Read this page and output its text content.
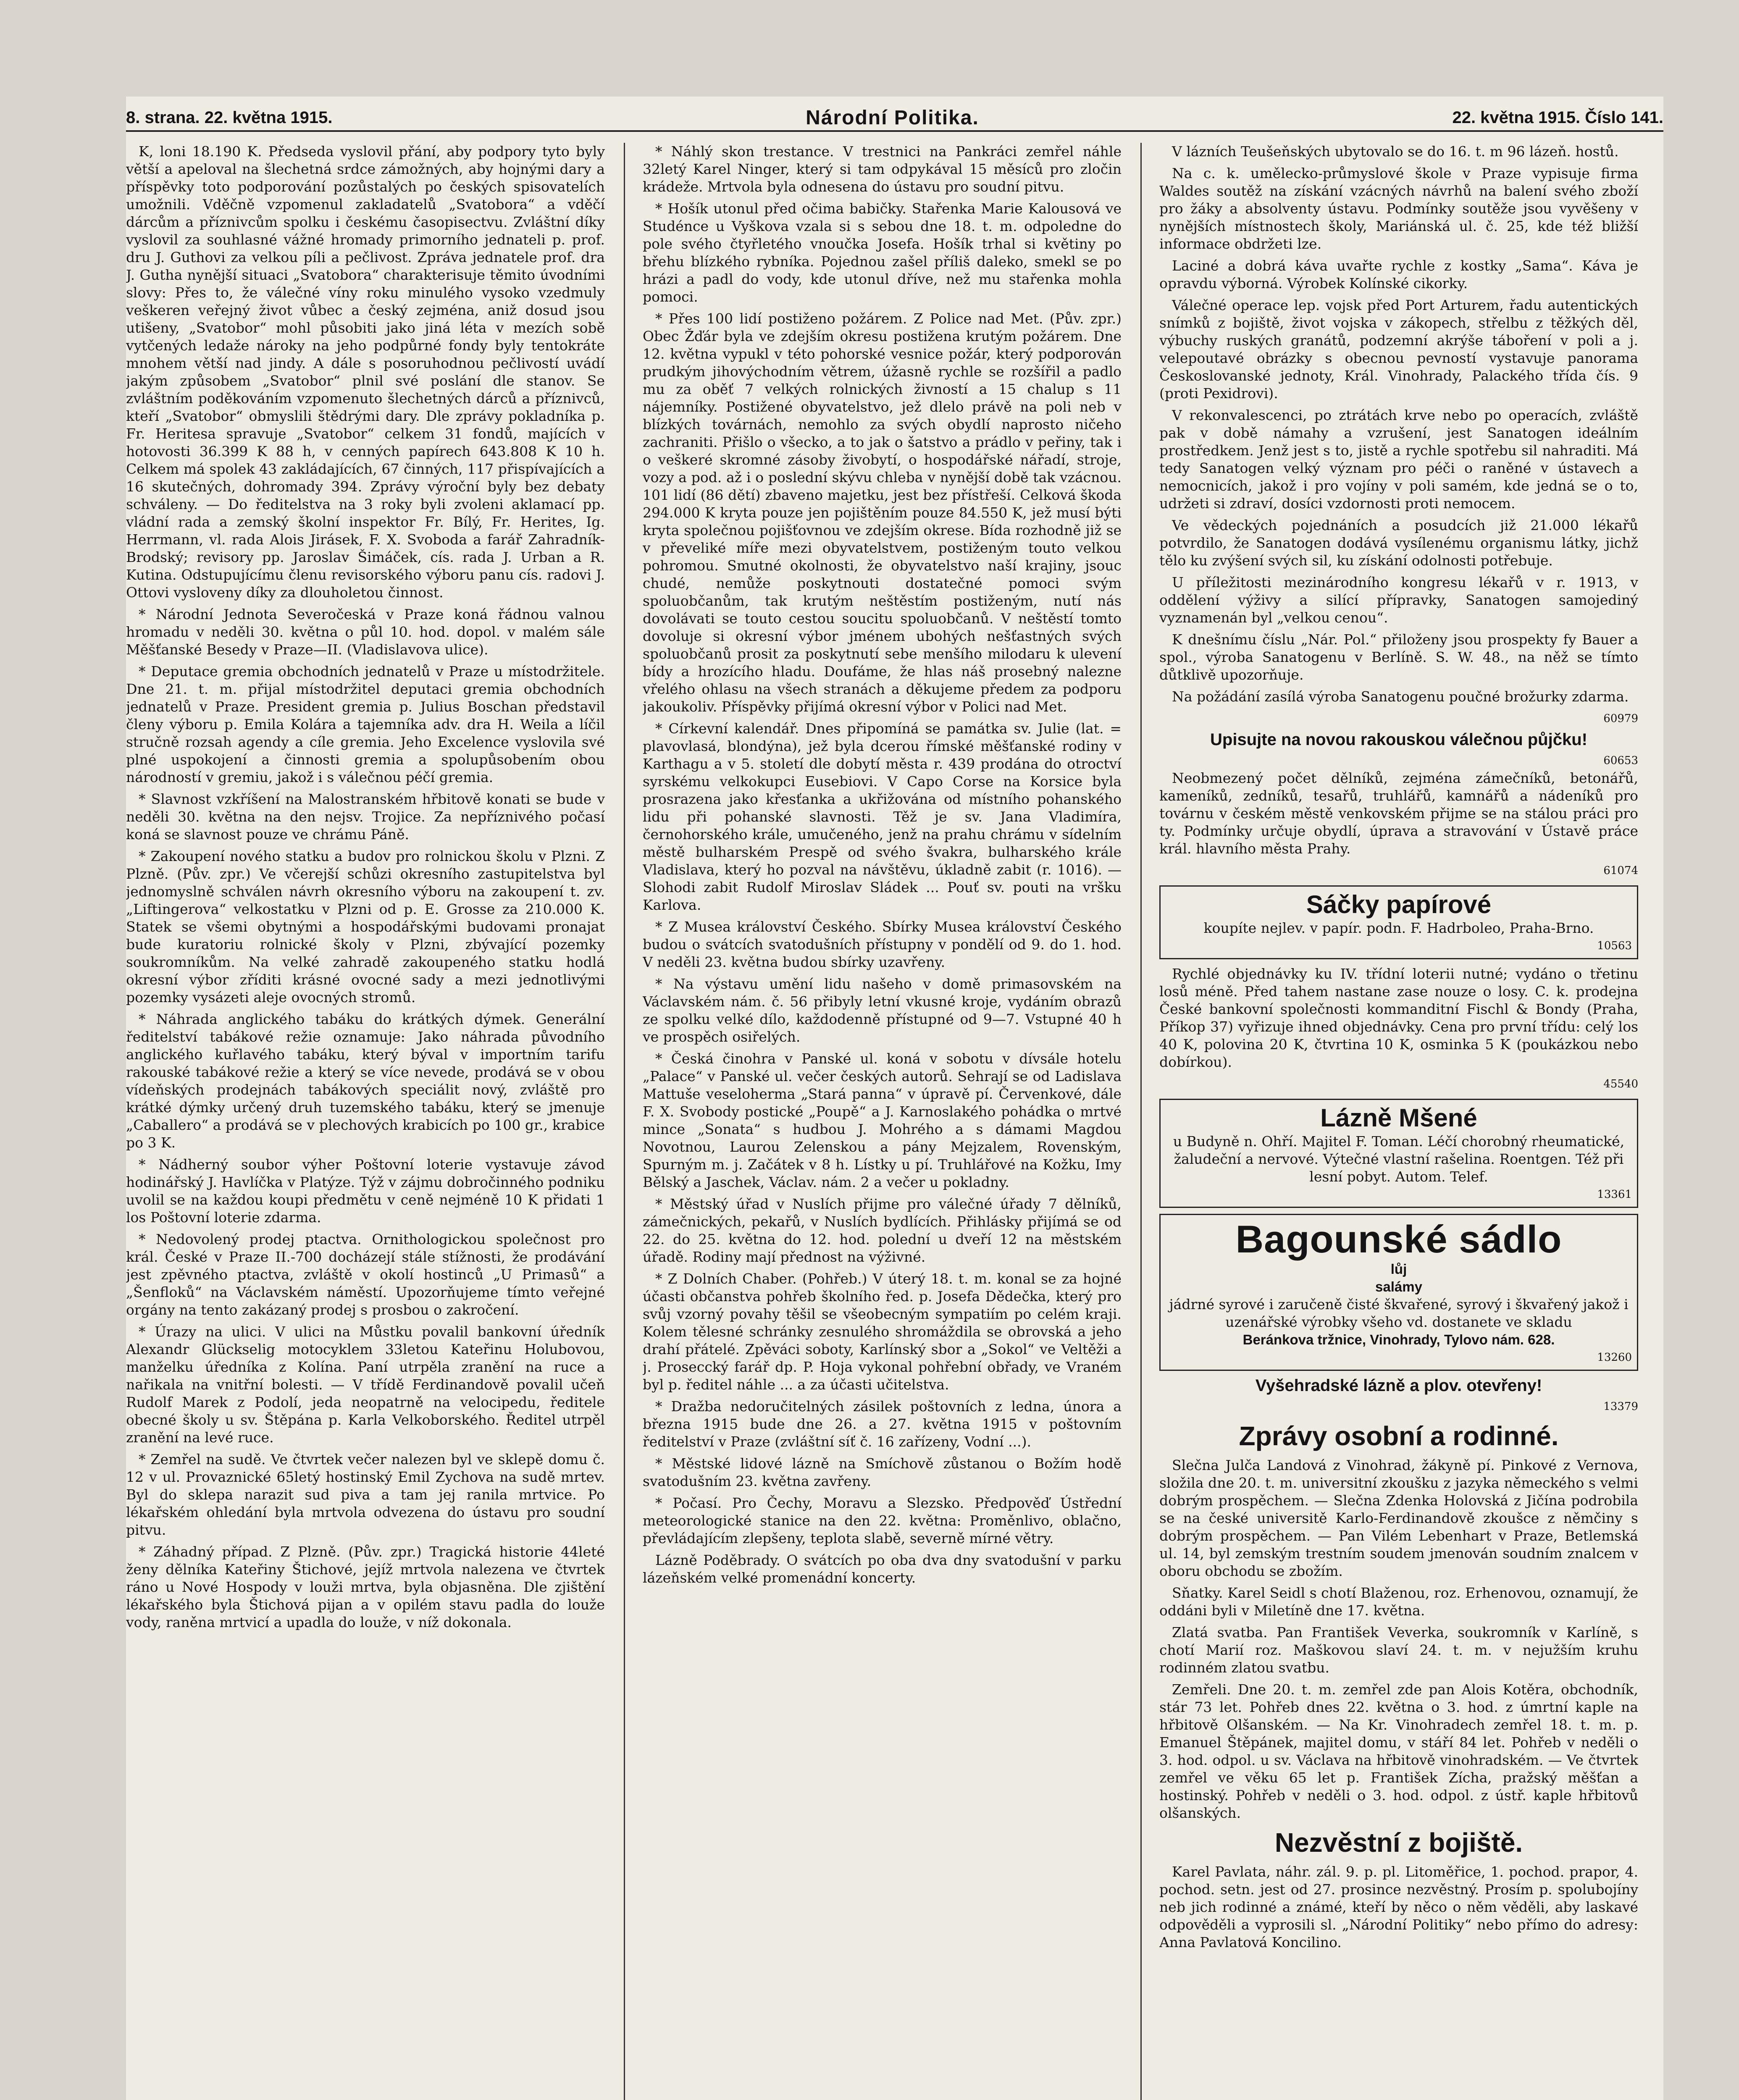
8. strana. 22. května 1915.	Národní Politika.	22. května 1915. Číslo 141.

K, loni 18.190 K. Předseda vyslovil přání, aby podpory tyto byly větší a apeloval na šlechetná srdce zámožných, aby hojnými dary a příspěvky toto podporování pozůstalých po českých spisovatelích umožnili. Vděčně vzpomenul zakladatelů „Svatobora“ a vděčí dárcům a příznivcům spolku i českému časopisectvu. Zvláštní díky vyslovil za souhlasné vážné hromady primorního jednateli p. prof. dru J. Guthovi za velkou píli a pečlivost. Zpráva jednatele prof. dra J. Gutha nynější situaci „Svatobora“ charakterisuje těmito úvodními slovy: Přes to, že válečné víny roku minulého vysoko vzedmuly veškeren veřejný život vůbec a český zejména, aniž dosud jsou utišeny, „Svatobor“ mohl působiti jako jiná léta v mezích sobě vytčených ledaže nároky na jeho podpůrné fondy byly tentokráte mnohem větší nad jindy. A dále s posoruhodnou pečlivostí uvádí jakým způsobem „Svatobor“ plnil své poslání dle stanov. Se zvláštním poděkováním vzpomenuto šlechetných dárců a příznivců, kteří „Svatobor“ obmyslili štědrými dary. Dle zprávy pokladníka p. Fr. Heritesa spravuje „Svatobor“ celkem 31 fondů, majících v hotovosti 36.399 K 88 h, v cenných papírech 643.808 K 10 h. Celkem má spolek 43 zakládajících, 67 činných, 117 přispívajících a 16 skutečných, dohromady 394. Zprávy výroční byly bez debaty schváleny. — Do ředitelstva na 3 roky byli zvoleni aklamací pp. vládní rada a zemský školní inspektor Fr. Bílý, Fr. Herites, Ig. Herrmann, vl. rada Alois Jirásek, F. X. Svoboda a farář Zahradník-Brodský; revisory pp. Jaroslav Šimáček, cís. rada J. Urban a R. Kutina. Odstupujícímu členu revisorského výboru panu cís. radovi J. Ottovi vysloveny díky za dlouholetou činnost.

* Národní Jednota Severočeská v Praze koná řádnou valnou hromadu v neděli 30. května o půl 10. hod. dopol. v malém sále Měšťanské Besedy v Praze—II. (Vladislavova ulice).

* Deputace gremia obchodních jednatelů v Praze u místodržitele. Dne 21. t. m. přijal místodržitel deputaci gremia obchodních jednatelů v Praze. President gremia p. Julius Boschan představil členy výboru p. Emila Kolára a tajemníka adv. dra H. Weila a líčil stručně rozsah agendy a cíle gremia. Jeho Excelence vyslovila své plné uspokojení a činnosti gremia a spolupůsobením obou národností v gremiu, jakož i s válečnou péčí gremia.

* Slavnost vzkříšení na Malostranském hřbitově konati se bude v neděli 30. května na den nejsv. Trojice. Za nepříznivého počasí koná se slavnost pouze ve chrámu Páně.

* Zakoupení nového statku a budov pro rolnickou školu v Plzni. Z Plzně. (Pův. zpr.) Ve včerejší schůzi okresního zastupitelstva byl jednomyslně schválen návrh okresního výboru na zakoupení t. zv. „Liftingerova“ velkostatku v Plzni od p. E. Grosse za 210.000 K. Statek se všemi obytnými a hospodářskými budovami pronajat bude kuratoriu rolnické školy v Plzni, zbývající pozemky soukromníkům. Na velké zahradě zakoupeného statku hodlá okresní výbor zříditi krásné ovocné sady a mezi jednotlivými pozemky vysázeti aleje ovocných stromů.

* Náhrada anglického tabáku do krátkých dýmek. Generální ředitelství tabákové režie oznamuje: Jako náhrada původního anglického kuřlavého tabáku, který býval v importním tarifu rakouské tabákové režie a který se více nevede, prodává se v obou vídeňských prodejnách tabákových speciálit nový, zvláště pro krátké dýmky určený druh tuzemského tabáku, který se jmenuje „Caballero“ a prodává se v plechových krabicích po 100 gr., krabice po 3 K.

* Nádherný soubor výher Poštovní loterie vystavuje závod hodinářský J. Havlíčka v Platýze. Týž v zájmu dobročinného podniku uvolil se na každou koupi předmětu v ceně nejméně 10 K přidati 1 los Poštovní loterie zdarma.

* Nedovolený prodej ptactva. Ornithologickou společnost pro král. České v Praze II.-700 docházejí stále stížnosti, že prodávání jest zpěvného ptactva, zvláště v okolí hostinců „U Primasů“ a „Šenfloků“ na Václavském náměstí. Upozorňujeme tímto veřejné orgány na tento zakázaný prodej s prosbou o zakročení.

* Úrazy na ulici. V ulici na Můstku povalil bankovní úředník Alexandr Glückselig motocyklem 33letou Kateřinu Holubovou, manželku úředníka z Kolína. Paní utrpěla zranění na ruce a nařikala na vnitřní bolesti. — V třídě Ferdinandově povalil učeň Rudolf Marek z Podolí, jeda neopatrně na velocipedu, ředitele obecné školy u sv. Štěpána p. Karla Velkoborského. Ředitel utrpěl zranění na levé ruce.

* Zemřel na sudě. Ve čtvrtek večer nalezen byl ve sklepě domu č. 12 v ul. Provaznické 65letý hostinský Emil Zychova na sudě mrtev. Byl do sklepa narazit sud piva a tam jej ranila mrtvice. Po lékařském ohledání byla mrtvola odvezena do ústavu pro soudní pitvu.

* Záhadný případ. Z Plzně. (Pův. zpr.) Tragická historie 44leté ženy dělníka Kateřiny Štichové, jejíž mrtvola nalezena ve čtvrtek ráno u Nové Hospody v louži mrtva, byla objasněna. Dle zjištění lékařského byla Štichová pijan a v opilém stavu padla do louže vody, raněna mrtvicí a upadla do louže, v níž dokonala.

* Náhlý skon trestance. V trestnici na Pankráci zemřel náhle 32letý Karel Ninger, který si tam odpykával 15 měsíců pro zločin krádeže. Mrtvola byla odnesena do ústavu pro soudní pitvu.

* Hošík utonul před očima babičky. Stařenka Marie Kalousová ve Studénce u Vyškova vzala si s sebou dne 18. t. m. odpoledne do pole svého čtyřletého vnoučka Josefa. Hošík trhal si květiny po břehu blízkého rybníka. Pojednou zašel příliš daleko, smekl se po hrázi a padl do vody, kde utonul dříve, než mu stařenka mohla pomoci.

* Přes 100 lidí postiženo požárem. Z Police nad Met. (Pův. zpr.) Obec Žďár byla ve zdejším okresu postižena krutým požárem. Dne 12. května vypukl v této pohorské vesnice požár, který podporován prudkým jihovýchodním větrem, úžasně rychle se rozšířil a padlo mu za oběť 7 velkých rolnických živností a 15 chalup s 11 nájemníky. Postižené obyvatelstvo, jež dlelo právě na poli neb v blízkých továrnách, nemohlo za svých obydlí naprosto ničeho zachraniti. Přišlo o všecko, a to jak o šatstvo a prádlo v peřiny, tak i o veškeré skromné zásoby živobytí, o hospodářské nářadí, stroje, vozy a pod. až i o poslední skývu chleba v nynější době tak vzácnou. 101 lidí (86 dětí) zbaveno majetku, jest bez přístřeší. Celková škoda 294.000 K kryta pouze jen pojištěním pouze 84.550 K, jež musí býti kryta společnou pojišťovnou ve zdejším okrese. Bída rozhodně již se v převeliké míře mezi obyvatelstvem, postiženým touto velkou pohromou. Smutné okolnosti, že obyvatelstvo naší krajiny, jsouc chudé, nemůže poskytnouti dostatečné pomoci svým spoluobčanům, tak krutým neštěstím postiženým, nutí nás dovolávati se touto cestou soucitu spoluobčanů. V neštěstí tomto dovoluje si okresní výbor jménem ubohých nešťastných svých spoluobčanů prosit za poskytnutí sebe menšího milodaru k ulevení bídy a hrozícího hladu. Doufáme, že hlas náš prosebný nalezne vřelého ohlasu na všech stranách a děkujeme předem za podporu jakoukoliv. Příspěvky přijímá okresní výbor v Polici nad Met.

* Církevní kalendář. Dnes připomíná se památka sv. Julie (lat. = plavovlasá, blondýna), jež byla dcerou římské měšťanské rodiny v Karthagu a v 5. století dle dobytí města r. 439 prodána do otroctví syrskému velkokupci Eusebiovi. V Capo Corse na Korsice byla prosrazena jako křesťanka a ukřižována od místního pohanského lidu při pohanské slavnosti. Těž je sv. Jana Vladimíra, černohorského krále, umučeného, jenž na prahu chrámu v sídelním městě bulharském Prespě od svého švakra, bulharského krále Vladislava, který ho pozval na návštěvu, úkladně zabit (r. 1016). — Slohodi zabit Rudolf Miroslav Sládek ... Pouť sv. pouti na vršku Karlova.

* Z Musea království Českého. Sbírky Musea království Českého budou o svátcích svatodušních přístupny v pondělí od 9. do 1. hod. V neděli 23. května budou sbírky uzavřeny.

* Na výstavu umění lidu našeho v domě primasovském na Václavském nám. č. 56 přibyly letní vkusné kroje, vydáním obrazů ze spolku velké dílo, každodenně přístupné od 9—7. Vstupné 40 h ve prospěch osiřelých.

* Česká činohra v Panské ul. koná v sobotu v dívsále hotelu „Palace“ v Panské ul. večer českých autorů. Sehrají se od Ladislava Mattuše veseloherma „Stará panna“ v úpravě pí. Červenkové, dále F. X. Svobody postické „Poupě“ a J. Karnoslakého pohádka o mrtvé mince „Sonata“ s hudbou J. Mohrého a s dámami Magdou Novotnou, Laurou Zelenskou a pány Mejzalem, Rovenským, Spurným m. j. Začátek v 8 h. Lístky u pí. Truhlářové na Kožku, Imy Bělský a Jaschek, Václav. nám. 2 a večer u pokladny.

* Městský úřad v Nuslích přijme pro válečné úřady 7 dělníků, zámečnických, pekařů, v Nuslích bydlících. Přihlásky přijímá se od 22. do 25. května do 12. hod. polední u dveří 12 na městském úřadě. Rodiny mají přednost na výživné.

* Z Dolních Chaber. (Pohřeb.) V úterý 18. t. m. konal se za hojné účasti občanstva pohřeb školního řed. p. Josefa Dědečka, který pro svůj vzorný povahy těšil se všeobecným sympatiím po celém kraji. Kolem tělesné schránky zesnulého shromáždila se obrovská a jeho drahí přátelé. Zpěváci soboty, Karlínský sbor a „Sokol“ ve Veltěži a j. Proseccký farář dp. P. Hoja vykonal pohřební obřady, ve Vraném byl p. ředitel náhle ... a za účasti učitelstva.

* Dražba nedoručitelných zásilek poštovních z ledna, února a března 1915 bude dne 26. a 27. května 1915 v poštovním ředitelství v Praze (zvláštní síť č. 16 zařízeny, Vodní ...).

* Městské lidové lázně na Smíchově zůstanou o Božím hodě svatodušním 23. května zavřeny.

* Počasí. Pro Čechy, Moravu a Slezsko. Předpověď Ústřední meteorologické stanice na den 22. května: Proměnlivo, oblačno, převládajícím zlepšeny, teplota slabě, severně mírné větry.

Lázně Poděbrady. O svátcích po oba dva dny svatodušní v parku lázeňském velké promenádní koncerty.

V lázních Teušeňských ubytovalo se do 16. t. m 96 lázeň. hostů.

Na c. k. umělecko-průmyslové škole v Praze vypisuje firma Waldes soutěž na získání vzácných návrhů na balení svého zboží pro žáky a absolventy ústavu. Podmínky soutěže jsou vyvěšeny v nynějších místnostech školy, Mariánská ul. č. 25, kde též bližší informace obdržeti lze.

Laciné a dobrá káva uvařte rychle z kostky „Sama“. Káva je opravdu výborná. Výrobek Kolínské cikorky.

Válečné operace lep. vojsk před Port Arturem, řadu autentických snímků z bojiště, život vojska v zákopech, střelbu z těžkých děl, výbuchy ruských granátů, podzemní akrýše táboření v poli a j. velepoutavé obrázky s obecnou pevností vystavuje panorama Českoslovanské jednoty, Král. Vinohrady, Palackého třída čís. 9 (proti Pexidrovi).

V rekonvalescenci, po ztrátách krve nebo po operacích, zvláště pak v době námahy a vzrušení, jest Sanatogen ideálním prostředkem. Jenž jest s to, jistě a rychle spotřebu sil nahraditi. Má tedy Sanatogen velký význam pro péči o raněné v ústavech a nemocnicích, jakož i pro vojíny v poli samém, kde jedná se o to, udržeti si zdraví, dosíci vzdornosti proti nemocem.

Ve vědeckých pojednáních a posudcích již 21.000 lékařů potvrdilo, že Sanatogen dodává vysílenému organismu látky, jichž tělo ku zvýšení svých sil, ku získání odolnosti potřebuje.

U příležitosti mezinárodního kongresu lékařů v r. 1913, v oddělení výživy a silící přípravky, Sanatogen samojediný vyznamenán byl „velkou cenou“.

K dnešnímu číslu „Nár. Pol.“ přiloženy jsou prospekty fy Bauer a spol., výroba Sanatogenu v Berlíně. S. W. 48., na něž se tímto důtklivě upozorňuje.

Na požádání zasílá výroba Sanatogenu poučné brožurky zdarma.

60979
Upisujte na novou rakouskou válečnou půjčku!
60653

Neobmezený počet dělníků, zejména zámečníků, betonářů, kameníků, zedníků, tesařů, truhlářů, kamnářů a nádeníků pro továrnu v českém městě venkovském přijme se na stálou práci pro ty. Podmínky určuje obydlí, úprava a stravování v Ústavě práce král. hlavního města Prahy.

61074
Sáčky papírové
koupíte nejlev. v papír. podn. F. Hadrboleo, Praha-Brno.
10563

Rychlé objednávky ku IV. třídní loterii nutné; vydáno o třetinu losů méně. Před tahem nastane zase nouze o losy. C. k. prodejna České bankovní společnosti kommanditní Fischl & Bondy (Praha, Příkop 37) vyřizuje ihned objednávky. Cena pro první třídu: celý los 40 K, polovina 20 K, čtvrtina 10 K, osminka 5 K (poukázkou nebo dobírkou).

45540
Lázně Mšené
u Budyně n. Ohří. Majitel F. Toman. Léčí chorobný rheumatické, žaludeční a nervové. Výtečné vlastní rašelina. Roentgen. Též při lesní pobyt. Autom. Telef.
13361
Bagounské sádlo
lůj
salámy
jádrné syrové i zaručeně čisté škvařené, syrový i škvařený jakož i uzenářské výrobky všeho vd. dostanete ve skladu
Beránkova tržnice, Vinohrady, Tylovo nám. 628.
13260
Vyšehradské lázně a plov. otevřeny!
13379
Zprávy osobní a rodinné.

Slečna Julča Landová z Vinohrad, žákyně pí. Pinkové z Vernova, složila dne 20. t. m. universitní zkoušku z jazyka německého s velmi dobrým prospěchem. — Slečna Zdenka Holovská z Jičína podrobila se na české universitě Karlo-Ferdinandově zkoušce z němčiny s dobrým prospěchem. — Pan Vilém Lebenhart v Praze, Betlemská ul. 14, byl zemským trestním soudem jmenován soudním znalcem v oboru obchodu se zbožím.

Sňatky. Karel Seidl s chotí Blaženou, roz. Erhenovou, oznamují, že oddáni byli v Miletíně dne 17. května.

Zlatá svatba. Pan František Veverka, soukromník v Karlíně, s chotí Marií roz. Maškovou slaví 24. t. m. v nejužším kruhu rodinném zlatou svatbu.

Zemřeli. Dne 20. t. m. zemřel zde pan Alois Kotěra, obchodník, stár 73 let. Pohřeb dnes 22. května o 3. hod. z úmrtní kaple na hřbitově Olšanském. — Na Kr. Vinohradech zemřel 18. t. m. p. Emanuel Štěpánek, majitel domu, v stáří 84 let. Pohřeb v neděli o 3. hod. odpol. u sv. Václava na hřbitově vinohradském. — Ve čtvrtek zemřel ve věku 65 let p. František Zícha, pražský měšťan a hostinský. Pohřeb v neděli o 3. hod. odpol. z ústř. kaple hřbitovů olšanských.

Nezvěstní z bojiště.

Karel Pavlata, náhr. zál. 9. p. pl. Litoměřice, 1. pochod. prapor, 4. pochod. setn. jest od 27. prosince nezvěstný. Prosím p. spolubojíny neb jich rodinné a známé, kteří by něco o něm věděli, aby laskavé odpověděli a vyprosili sl. „Národní Politiky“ nebo přímo do adresy: Anna Pavlatová Koncilino.
